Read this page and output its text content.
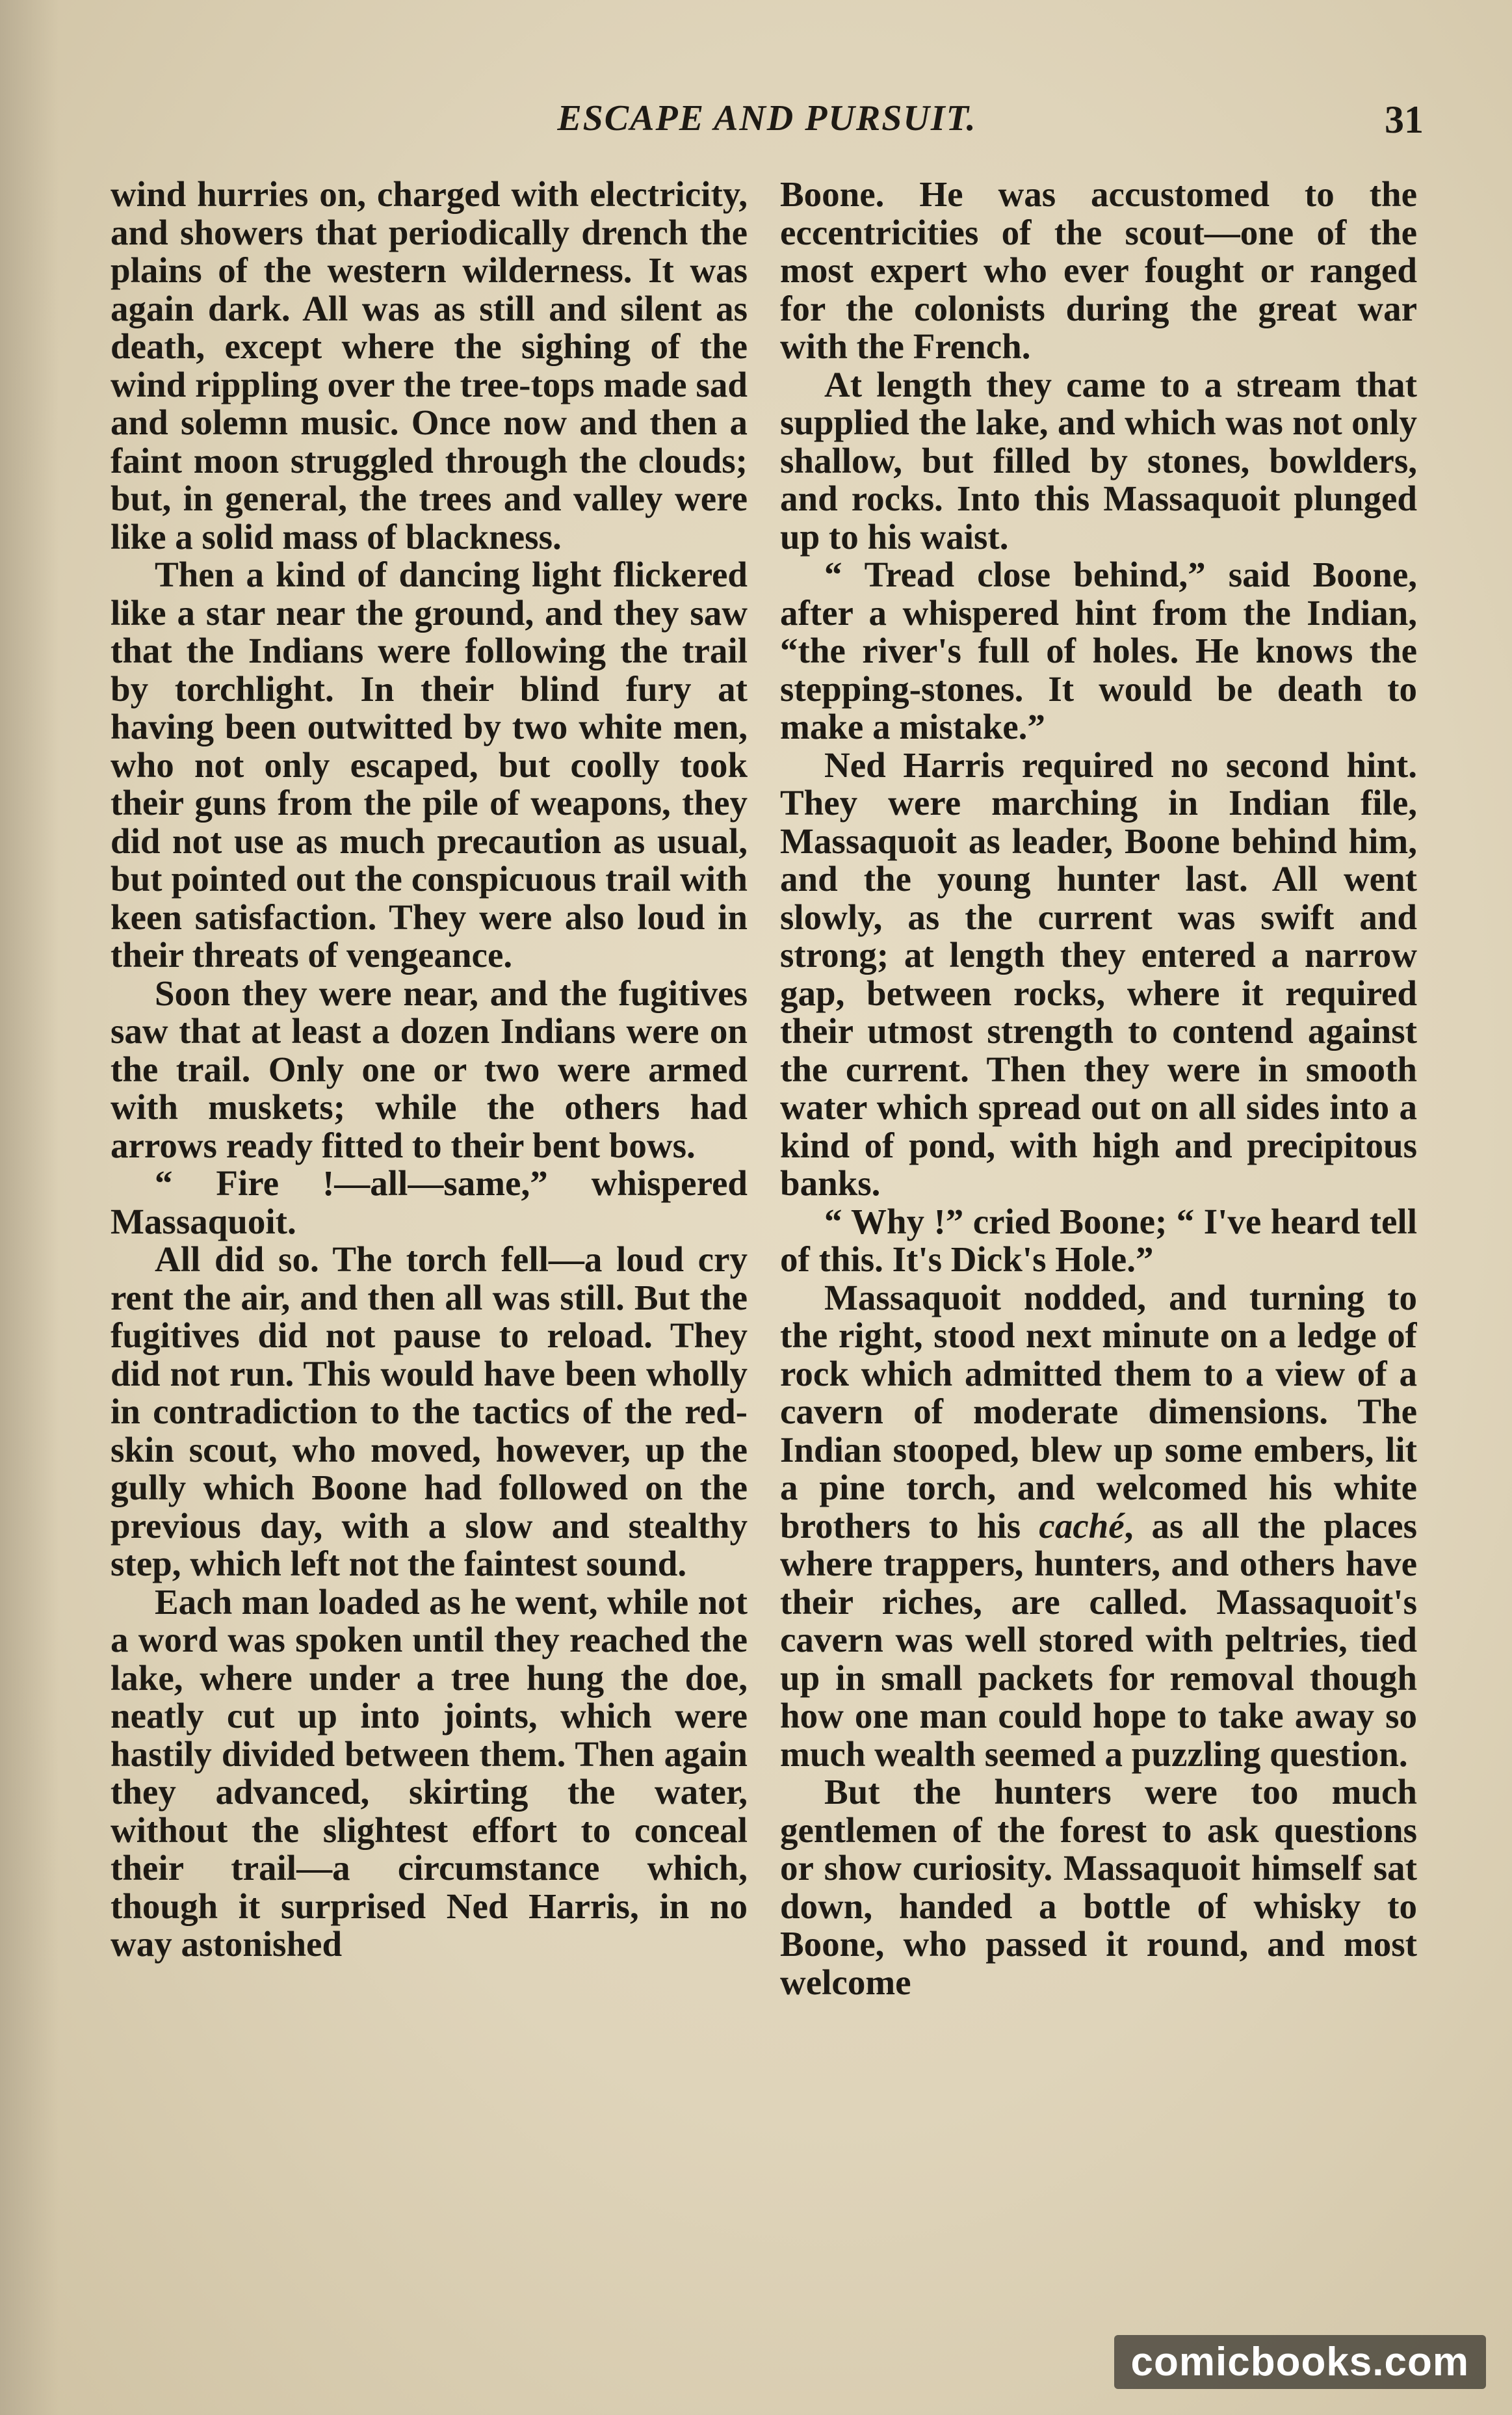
ESCAPE AND PURSUIT.	31

wind hurries on, charged with electricity, and showers that periodically drench the plains of the western wilderness. It was again dark. All was as still and silent as death, except where the sighing of the wind rippling over the tree-tops made sad and solemn music. Once now and then a faint moon struggled through the clouds; but, in general, the trees and valley were like a solid mass of blackness.

Then a kind of dancing light flickered like a star near the ground, and they saw that the Indians were following the trail by torchlight. In their blind fury at having been outwitted by two white men, who not only escaped, but coolly took their guns from the pile of weapons, they did not use as much precaution as usual, but pointed out the conspicuous trail with keen satisfaction. They were also loud in their threats of vengeance.

Soon they were near, and the fugitives saw that at least a dozen Indians were on the trail. Only one or two were armed with muskets; while the others had arrows ready fitted to their bent bows.

“ Fire !—all—same,” whispered Massaquoit.

All did so. The torch fell—a loud cry rent the air, and then all was still. But the fugitives did not pause to reload. They did not run. This would have been wholly in contradiction to the tactics of the red-skin scout, who moved, however, up the gully which Boone had followed on the previous day, with a slow and stealthy step, which left not the faintest sound.

Each man loaded as he went, while not a word was spoken until they reached the lake, where under a tree hung the doe, neatly cut up into joints, which were hastily divided between them. Then again they advanced, skirting the water, without the slightest effort to conceal their trail—a circumstance which, though it surprised Ned Harris, in no way astonished

Boone. He was accustomed to the eccentricities of the scout—one of the most expert who ever fought or ranged for the colonists during the great war with the French.

At length they came to a stream that supplied the lake, and which was not only shallow, but filled by stones, bowlders, and rocks. Into this Massaquoit plunged up to his waist.

“ Tread close behind,” said Boone, after a whispered hint from the Indian, “the river's full of holes. He knows the stepping-stones. It would be death to make a mistake.”

Ned Harris required no second hint. They were marching in Indian file, Massaquoit as leader, Boone behind him, and the young hunter last. All went slowly, as the current was swift and strong; at length they entered a narrow gap, between rocks, where it required their utmost strength to contend against the current. Then they were in smooth water which spread out on all sides into a kind of pond, with high and precipitous banks.

“ Why !” cried Boone; “ I've heard tell of this. It's Dick's Hole.”

Massaquoit nodded, and turning to the right, stood next minute on a ledge of rock which admitted them to a view of a cavern of moderate dimensions. The Indian stooped, blew up some embers, lit a pine torch, and welcomed his white brothers to his caché, as all the places where trappers, hunters, and others have their riches, are called. Massaquoit's cavern was well stored with peltries, tied up in small packets for removal though how one man could hope to take away so much wealth seemed a puzzling question.

But the hunters were too much gentlemen of the forest to ask questions or show curiosity. Massaquoit himself sat down, handed a bottle of whisky to Boone, who passed it round, and most welcome

comicbooks.com
